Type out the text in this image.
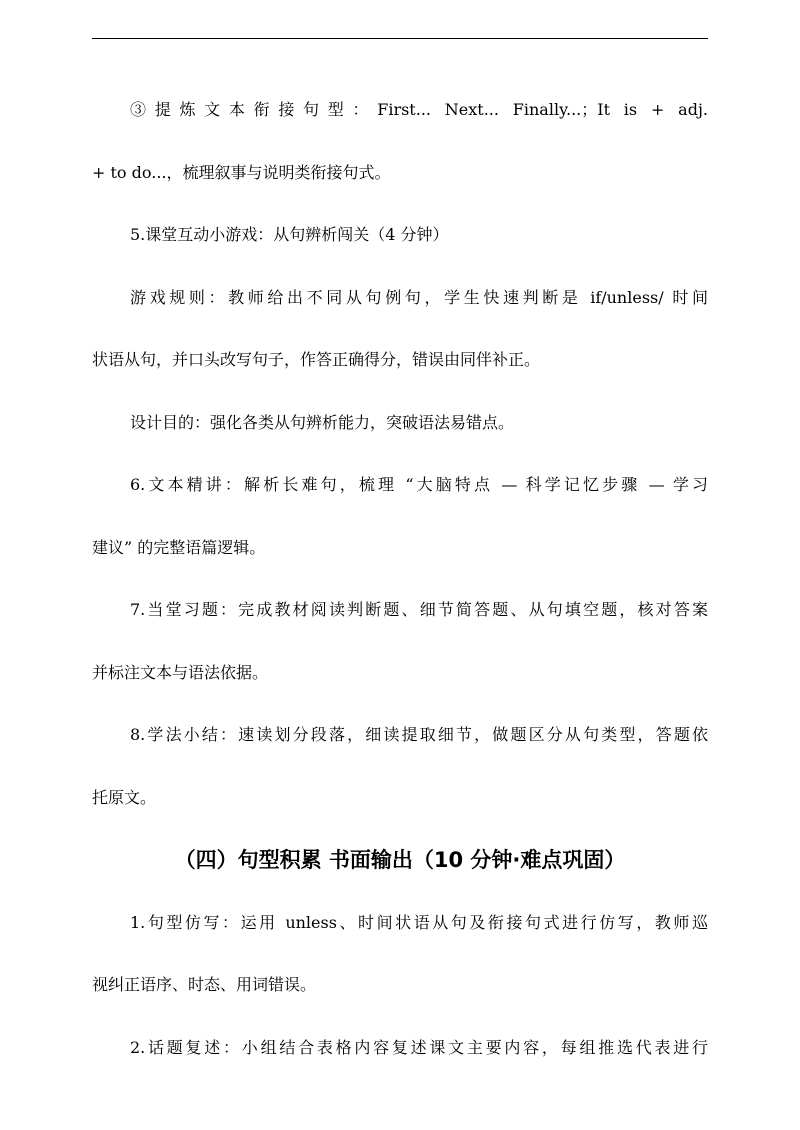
③提炼文本衔接句型：First... Next... Finally...；It is + adj.

+ to do...，梳理叙事与说明类衔接句式。

5.课堂互动小游戏：从句辨析闯关（4 分钟）

游戏规则：教师给出不同从句例句，学生快速判断是 if/unless/ 时间

状语从句，并口头改写句子，作答正确得分，错误由同伴补正。

设计目的：强化各类从句辨析能力，突破语法易错点。

6.文本精讲：解析长难句，梳理 “大脑特点 — 科学记忆步骤 — 学习

建议” 的完整语篇逻辑。

7.当堂习题：完成教材阅读判断题、细节简答题、从句填空题，核对答案

并标注文本与语法依据。

8.学法小结：速读划分段落，细读提取细节，做题区分从句类型，答题依

托原文。

（四）句型积累 书面输出（10 分钟·难点巩固）

1.句型仿写：运用 unless、时间状语从句及衔接句式进行仿写，教师巡

视纠正语序、时态、用词错误。

2.话题复述：小组结合表格内容复述课文主要内容，每组推选代表进行
